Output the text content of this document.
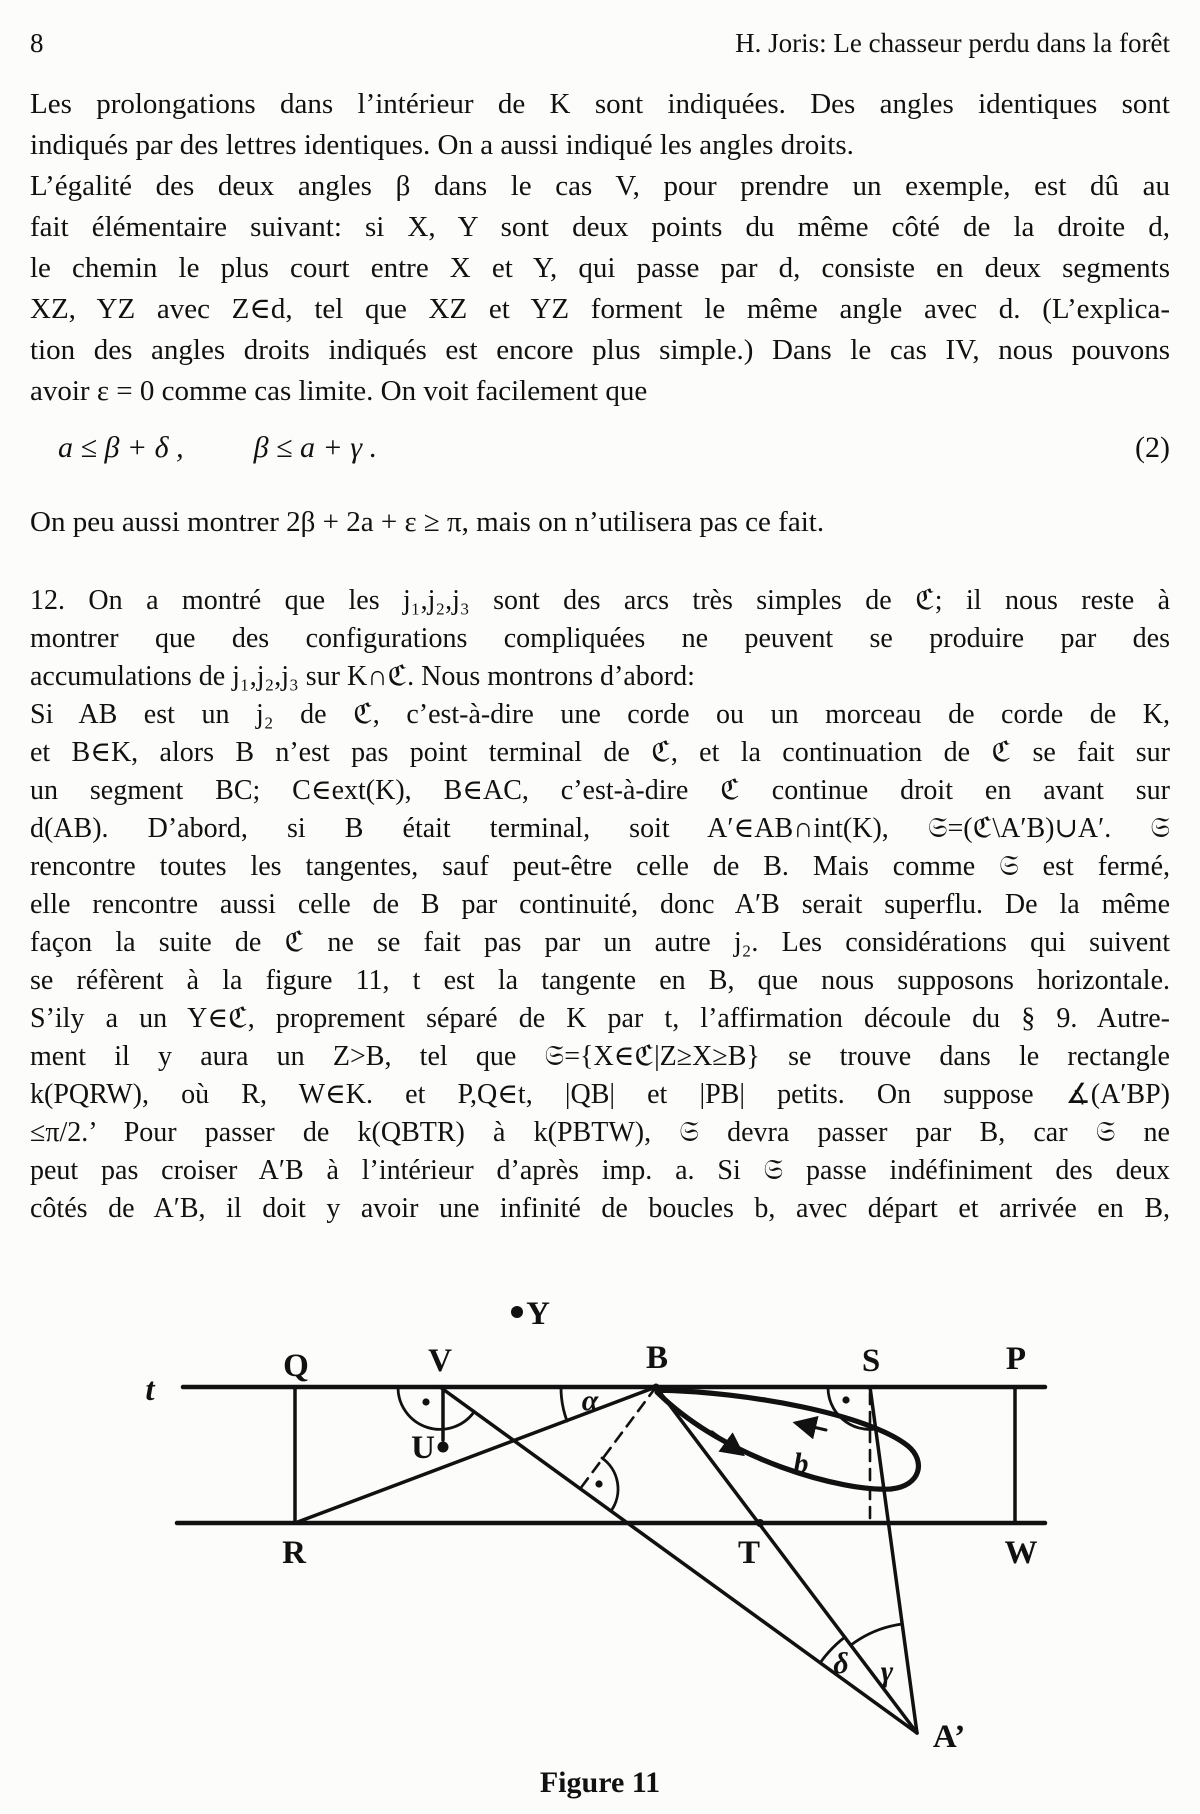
8	H. Joris: Le chasseur perdu dans la forêt
Les prolongations dans l’intérieur de K sont indiquées. Des angles identiques sont
indiqués par des lettres identiques. On a aussi indiqué les angles droits.
L’égalité des deux angles β dans le cas V, pour prendre un exemple, est dû au
fait élémentaire suivant: si X, Y sont deux points du même côté de la droite d,
le chemin le plus court entre X et Y, qui passe par d, consiste en deux segments
XZ, YZ avec Z∈d, tel que XZ et YZ forment le même angle avec d. (L’explica-
tion des angles droits indiqués est encore plus simple.) Dans le cas IV, nous pouvons
avoir ε = 0 comme cas limite. On voit facilement que
a ≤ β + δ , β ≤ a + γ .	(2)
On peu aussi montrer 2β + 2a + ε ≥ π, mais on n’utilisera pas ce fait.
12. On a montré que les j₁,j₂,j₃ sont des arcs très simples de ℭ; il nous reste à
montrer que des configurations compliquées ne peuvent se produire par des
accumulations de j₁,j₂,j₃ sur K∩ℭ. Nous montrons d’abord:
Si AB est un j₂ de ℭ, c’est-à-dire une corde ou un morceau de corde de K,
et B∈K, alors B n’est pas point terminal de ℭ, et la continuation de ℭ se fait sur
un segment BC; C∈ext(K), B∈AC, c’est-à-dire ℭ continue droit en avant sur
d(AB). D’abord, si B était terminal, soit A′∈AB∩int(K), 𝔖=(ℭ\A′B)∪A′. 𝔖
rencontre toutes les tangentes, sauf peut-être celle de B. Mais comme 𝔖 est fermé,
elle rencontre aussi celle de B par continuité, donc A′B serait superflu. De la même
façon la suite de ℭ ne se fait pas par un autre j₂. Les considérations qui suivent
se réfèrent à la figure 11, t est la tangente en B, que nous supposons horizontale.
S’ily a un Y∈ℭ, proprement séparé de K par t, l’affirmation découle du § 9. Autre-
ment il y aura un Z>B, tel que 𝔖={X∈ℭ|Z≥X≥B} se trouve dans le rectangle
k(PQRW), où R, W∈K. et P,Q∈t, |QB| et |PB| petits. On suppose ∡(A′BP)
≤π/2.’ Pour passer de k(QBTR) à k(PBTW), 𝔖 devra passer par B, car 𝔖 ne
peut pas croiser A′B à l’intérieur d’après imp. a. Si 𝔖 passe indéfiniment des deux
côtés de A′B, il doit y avoir une infinité de boucles b, avec départ et arrivée en B,
t
Q	V	B	S	P
R	T	W
A’
U
Y
α
δ γ
b
Figure 11
